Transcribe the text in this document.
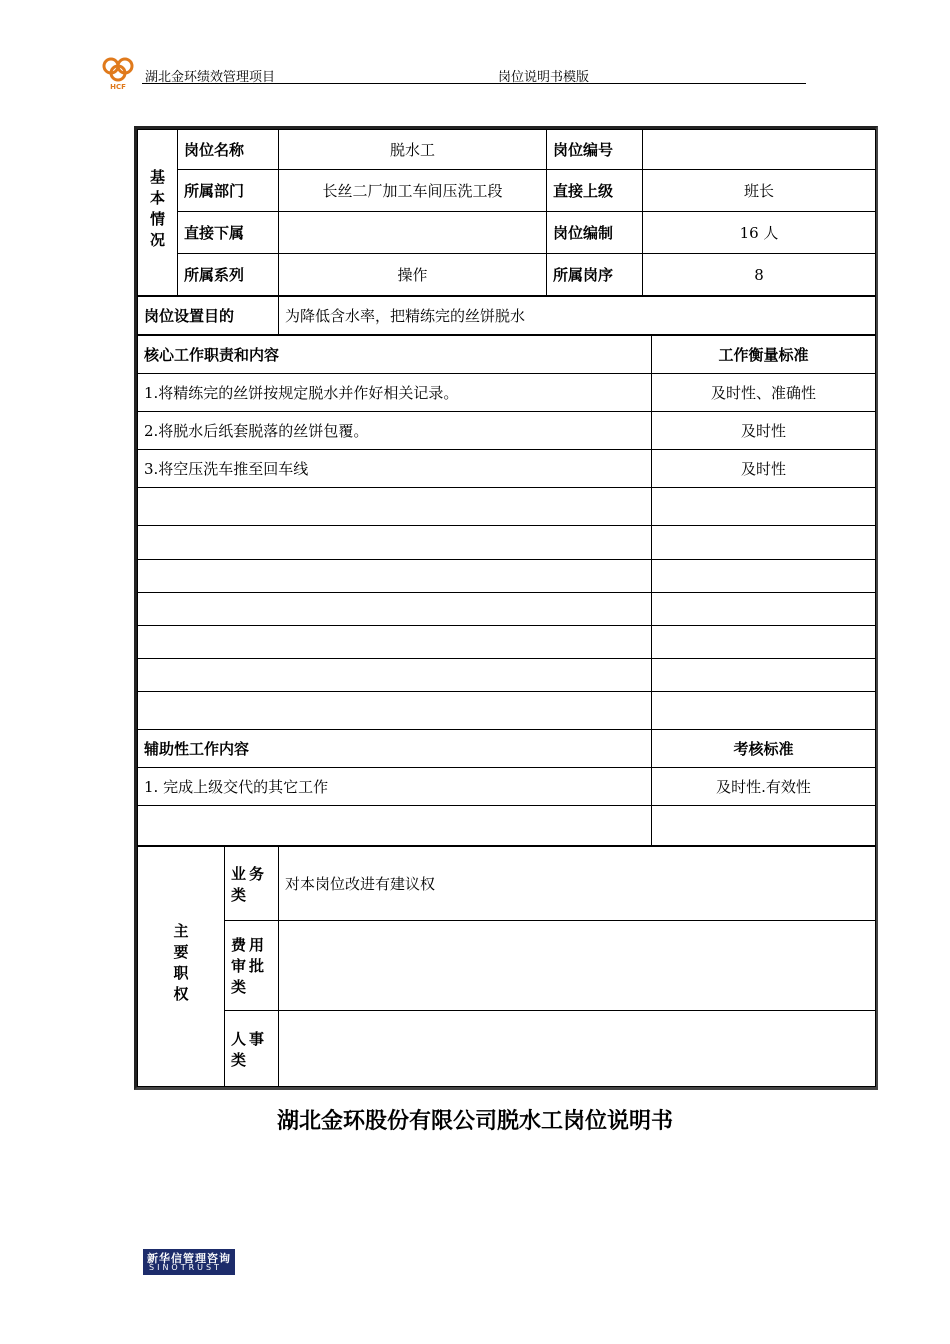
HCF
湖北金环绩效管理项目	岗位说明书模版
基本情况	岗位名称	脱水工	岗位编号	
	所属部门	长丝二厂加工车间压洗工段	直接上级	班长
	直接下属		岗位编制	16 人
	所属系列	操作	所属岗序	8
岗位设置目的	为降低含水率，把精练完的丝饼脱水
核心工作职责和内容	工作衡量标准
1.将精练完的丝饼按规定脱水并作好相关记录。	及时性、准确性
2.将脱水后纸套脱落的丝饼包覆。	及时性
3.将空压洗车推至回车线	及时性

辅助性工作内容	考核标准
1. 完成上级交代的其它工作	及时性.有效性

主要职权	业务类	对本岗位改进有建议权
	费用审批类	
	人事类	
湖北金环股份有限公司脱水工岗位说明书
新华信管理咨询
SINOTRUST
